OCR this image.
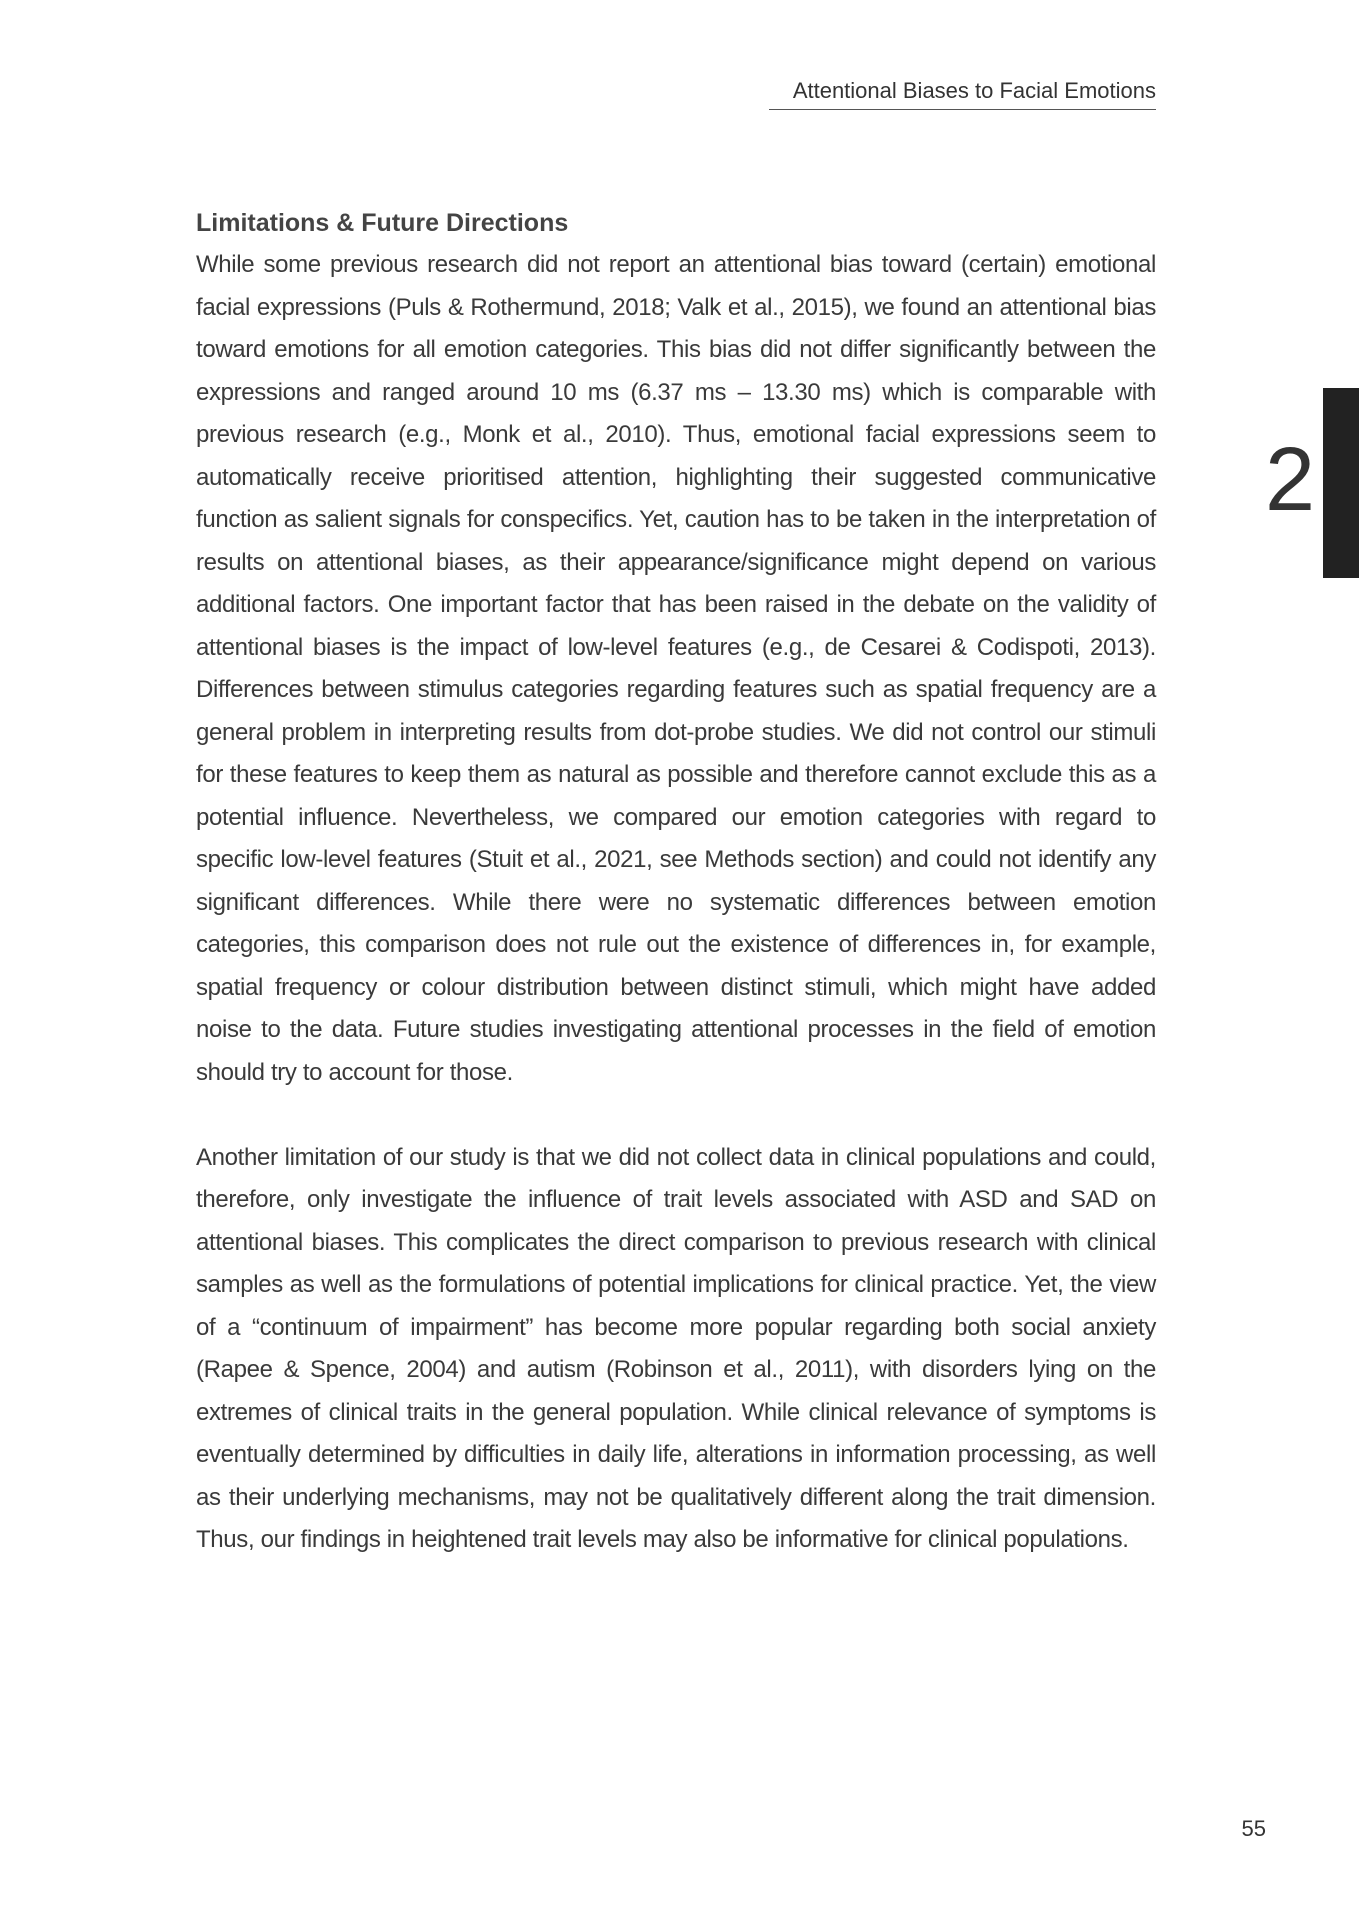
Attentional Biases to Facial Emotions
2
Limitations & Future Directions

While some previous research did not report an attentional bias toward (certain) emotional facial expressions (Puls & Rothermund, 2018; Valk et al., 2015), we found an attentional bias toward emotions for all emotion categories. This bias did not differ significantly between the expressions and ranged around 10 ms (6.37 ms – 13.30 ms) which is comparable with previous research (e.g., Monk et al., 2010). Thus, emotional facial expressions seem to automatically receive prioritised attention, highlighting their suggested communicative function as salient signals for conspecifics. Yet, caution has to be taken in the interpretation of results on attentional biases, as their appearance/significance might depend on various additional factors. One important factor that has been raised in the debate on the validity of attentional biases is the impact of low-level features (e.g., de Cesarei & Codispoti, 2013). Differences between stimulus categories regarding features such as spatial frequency are a general problem in interpreting results from dot-probe studies. We did not control our stimuli for these features to keep them as natural as possible and therefore cannot exclude this as a potential influence. Nevertheless, we compared our emotion categories with regard to specific low-level features (Stuit et al., 2021, see Methods section) and could not identify any significant differences. While there were no systematic differences between emotion categories, this comparison does not rule out the existence of differences in, for example, spatial frequency or colour distribution between distinct stimuli, which might have added noise to the data. Future studies investigating attentional processes in the field of emotion should try to account for those.

Another limitation of our study is that we did not collect data in clinical populations and could, therefore, only investigate the influence of trait levels associated with ASD and SAD on attentional biases. This complicates the direct comparison to previous research with clinical samples as well as the formulations of potential implications for clinical practice. Yet, the view of a “continuum of impairment” has become more popular regarding both social anxiety (Rapee & Spence, 2004) and autism (Robinson et al., 2011), with disorders lying on the extremes of clinical traits in the general population. While clinical relevance of symptoms is eventually determined by difficulties in daily life, alterations in information processing, as well as their underlying mechanisms, may not be qualitatively different along the trait dimension. Thus, our findings in heightened trait levels may also be informative for clinical populations.

55
